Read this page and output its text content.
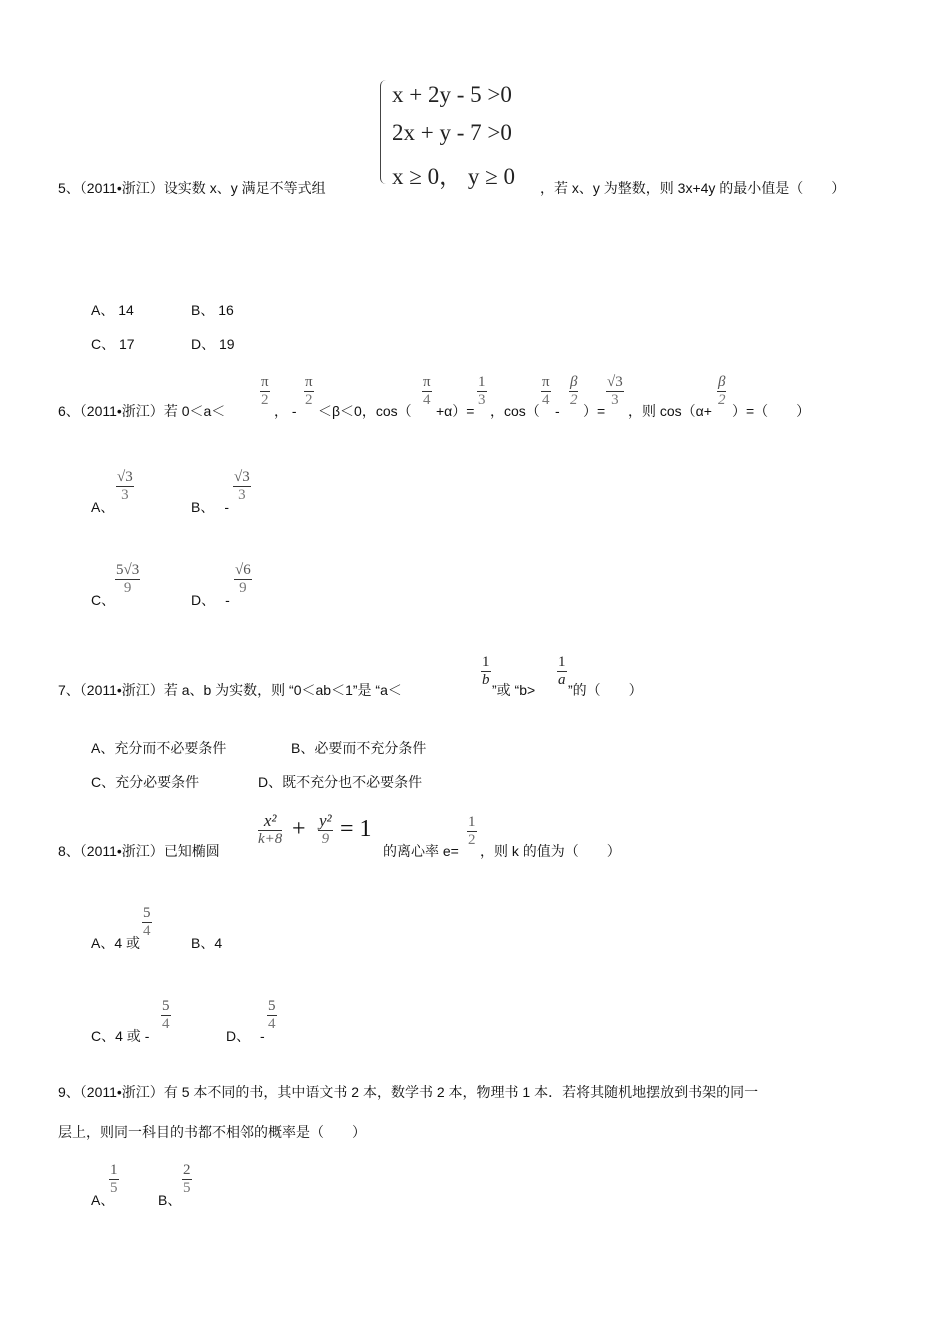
x + 2y - 5 >0
2x + y - 7 >0
x ≥ 0， y ≥ 0
5、（2011•浙江）设实数 x、y 满足不等式组	，若 x、y 为整数，则 3x+4y 的最小值是（　　）
A、 14	B、 16
C、 17	D、 19
6、（2011•浙江）若 0＜a＜
π
2
， -
π
2
＜β＜0，cos（
π
4
+α）=
1
3
，cos（
π
4
-
β
2
）=
√3
3
，则 cos（α+
β
2
）=（　　）
A、
√3
3
B、 -
√3
3
C、
5√3
9
D、 -
√6
9
7、（2011•浙江）若 a、b 为实数，则 “0＜ab＜1”是 “a＜
1
b
”或 “b>
1
a
”的（　　）
A、充分而不必要条件	B、必要而不充分条件
C、充分必要条件	D、既不充分也不必要条件
8、（2011•浙江）已知椭圆
x²
k+8 + y²
9 = 1
的离心率 e=
1
2
，则 k 的值为（　　）
A、4 或
5
4
B、4
C、4 或 -
5
4
D、 -
5
4
9、（2011•浙江）有 5 本不同的书，其中语文书 2 本，数学书 2 本，物理书 1 本．若将其随机地摆放到书架的同一
层上，则同一科目的书都不相邻的概率是（　　）
A、
1
5
B、
2
5
